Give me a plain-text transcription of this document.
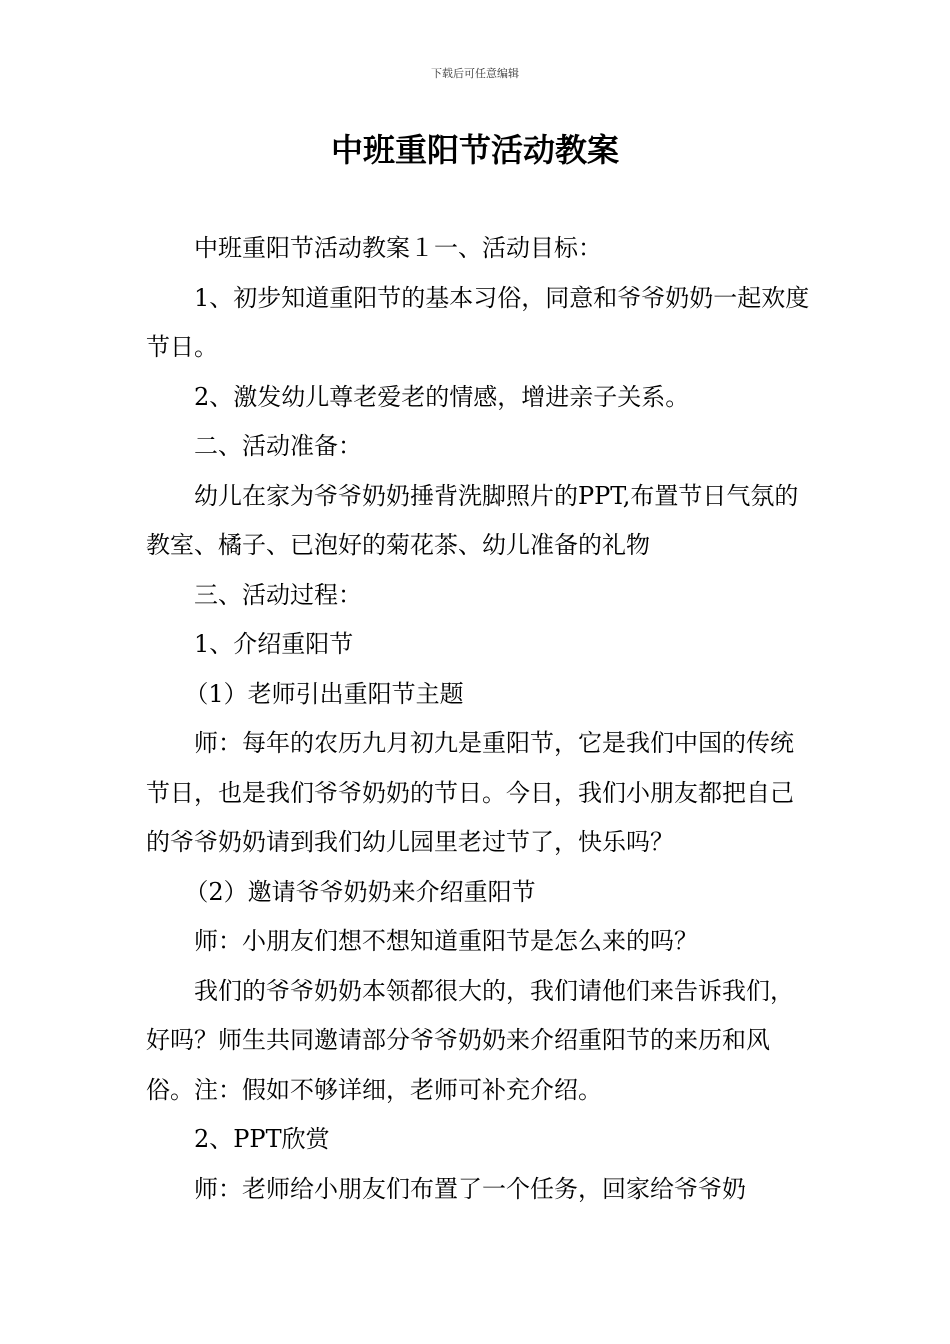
下载后可任意编辑
中班重阳节活动教案

中班重阳节活动教案１一、活动目标：

1、初步知道重阳节的基本习俗，同意和爷爷奶奶一起欢度节日。

2、激发幼儿尊老爱老的情感，增进亲子关系。

二、活动准备：

幼儿在家为爷爷奶奶捶背洗脚照片的PPT,布置节日气氛的教室、橘子、已泡好的菊花茶、幼儿准备的礼物

三、活动过程：

1、介绍重阳节

（1）老师引出重阳节主题

师：每年的农历九月初九是重阳节，它是我们中国的传统节日，也是我们爷爷奶奶的节日。今日，我们小朋友都把自己的爷爷奶奶请到我们幼儿园里老过节了，快乐吗？

（2）邀请爷爷奶奶来介绍重阳节

师：小朋友们想不想知道重阳节是怎么来的吗？

我们的爷爷奶奶本领都很大的，我们请他们来告诉我们，好吗？师生共同邀请部分爷爷奶奶来介绍重阳节的来历和风俗。注：假如不够详细，老师可补充介绍。

2、PPT欣赏

师：老师给小朋友们布置了一个任务，回家给爷爷奶
